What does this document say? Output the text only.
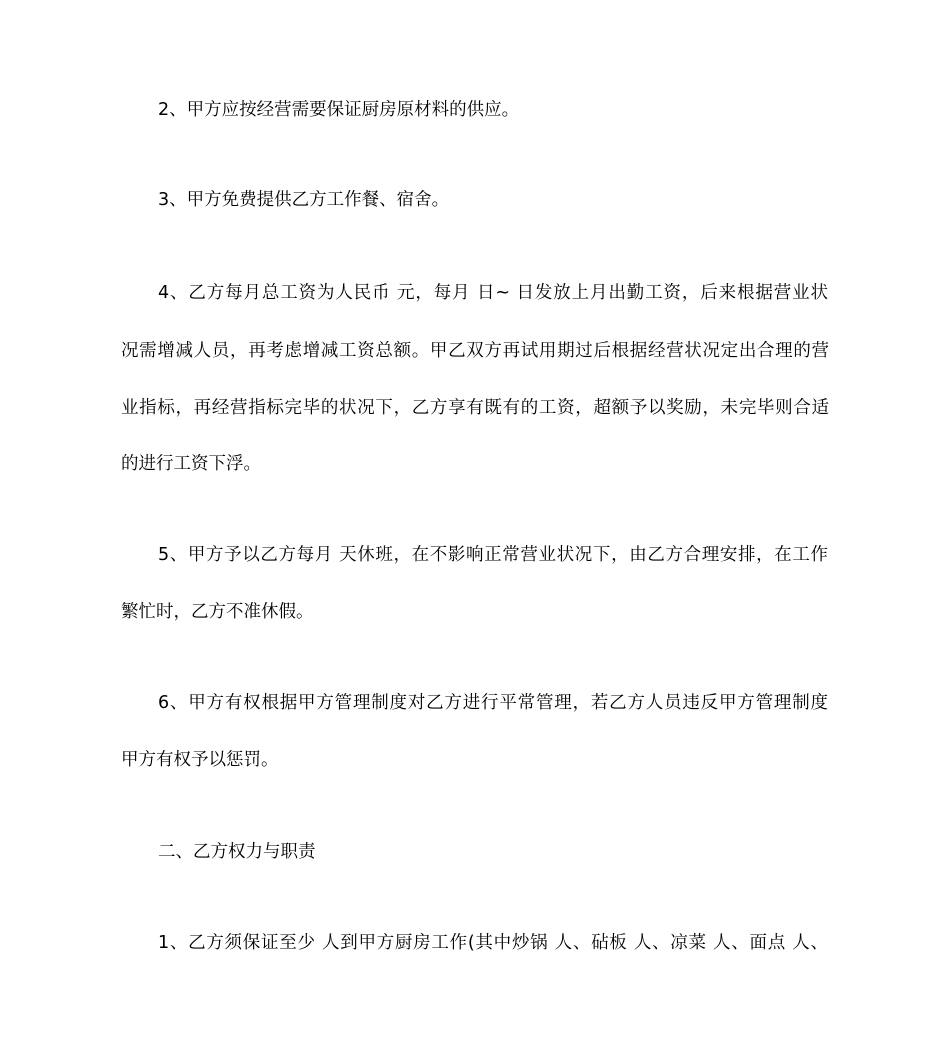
2、甲方应按经营需要保证厨房原材料的供应。
3、甲方免费提供乙方工作餐、宿舍。
4、乙方每月总工资为人民币 元，每月 日~ 日发放上月出勤工资，后来根据营业状
况需增减人员，再考虑增减工资总额。甲乙双方再试用期过后根据经营状况定出合理的营
业指标，再经营指标完毕的状况下，乙方享有既有的工资，超额予以奖励，未完毕则合适
的进行工资下浮。
5、甲方予以乙方每月 天休班，在不影响正常营业状况下，由乙方合理安排，在工作
繁忙时，乙方不准休假。
6、甲方有权根据甲方管理制度对乙方进行平常管理，若乙方人员违反甲方管理制度
甲方有权予以惩罚。
二、乙方权力与职责
1、乙方须保证至少 人到甲方厨房工作(其中炒锅 人、砧板 人、凉菜 人、面点 人、
